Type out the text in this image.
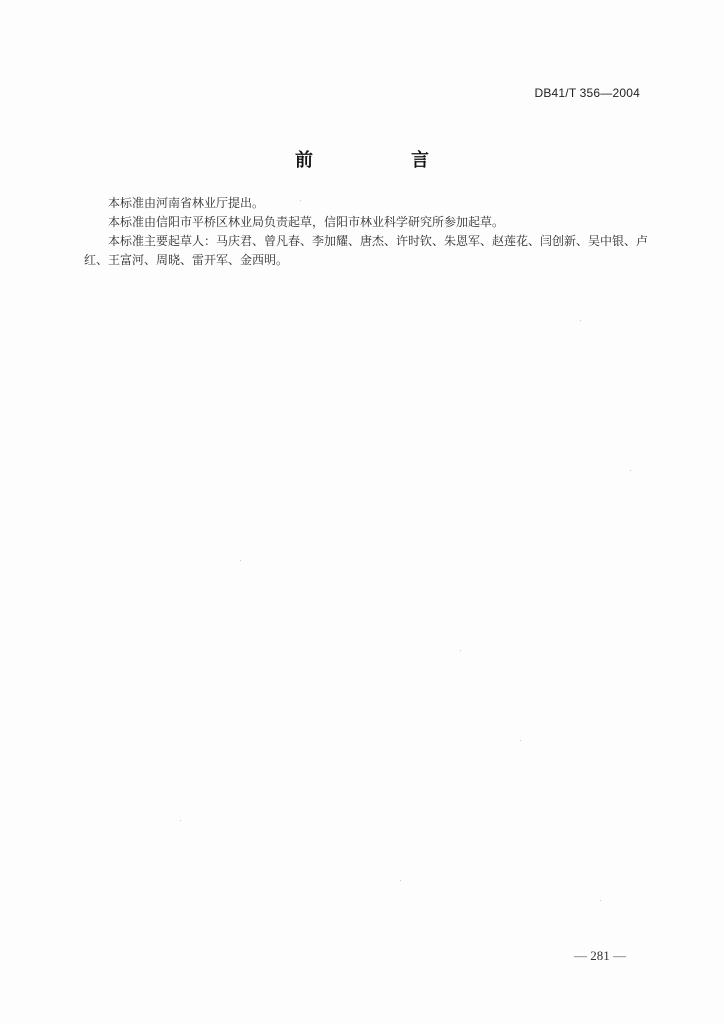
DB41/T 356—2004
前　言

本标准由河南省林业厅提出。

本标准由信阳市平桥区林业局负责起草，信阳市林业科学研究所参加起草。

本标准主要起草人：马庆君、曾凡春、李加耀、唐杰、许时钦、朱恩军、赵莲花、闫创新、吴中银、卢红、王富河、周晓、雷开军、金西明。

— 281 —
